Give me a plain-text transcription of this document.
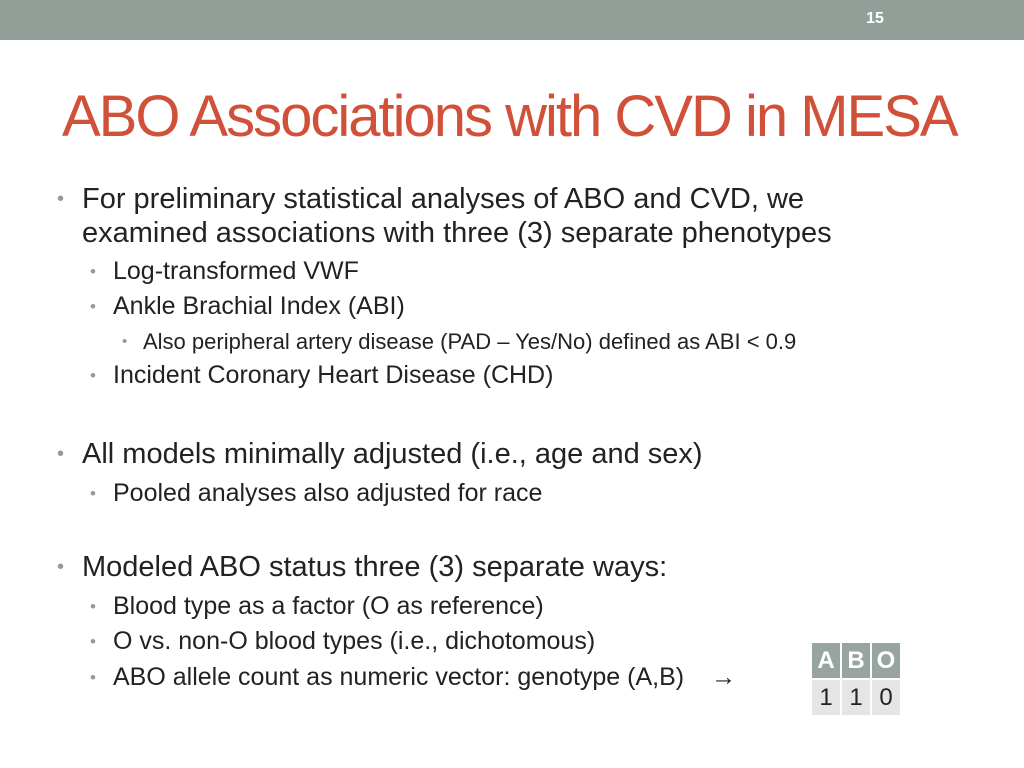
15
ABO Associations with CVD in MESA
• For preliminary statistical analyses of ABO and CVD, we
examined associations with three (3) separate phenotypes
• Log-transformed VWF
• Ankle Brachial Index (ABI)
• Also peripheral artery disease (PAD – Yes/No) defined as ABI < 0.9
• Incident Coronary Heart Disease (CHD)
• All models minimally adjusted (i.e., age and sex)
• Pooled analyses also adjusted for race
• Modeled ABO status three (3) separate ways:
• Blood type as a factor (O as reference)
• O vs. non-O blood types (i.e., dichotomous)
• ABO allele count as numeric vector: genotype (A,B) →
A	B	O
1	1	0
